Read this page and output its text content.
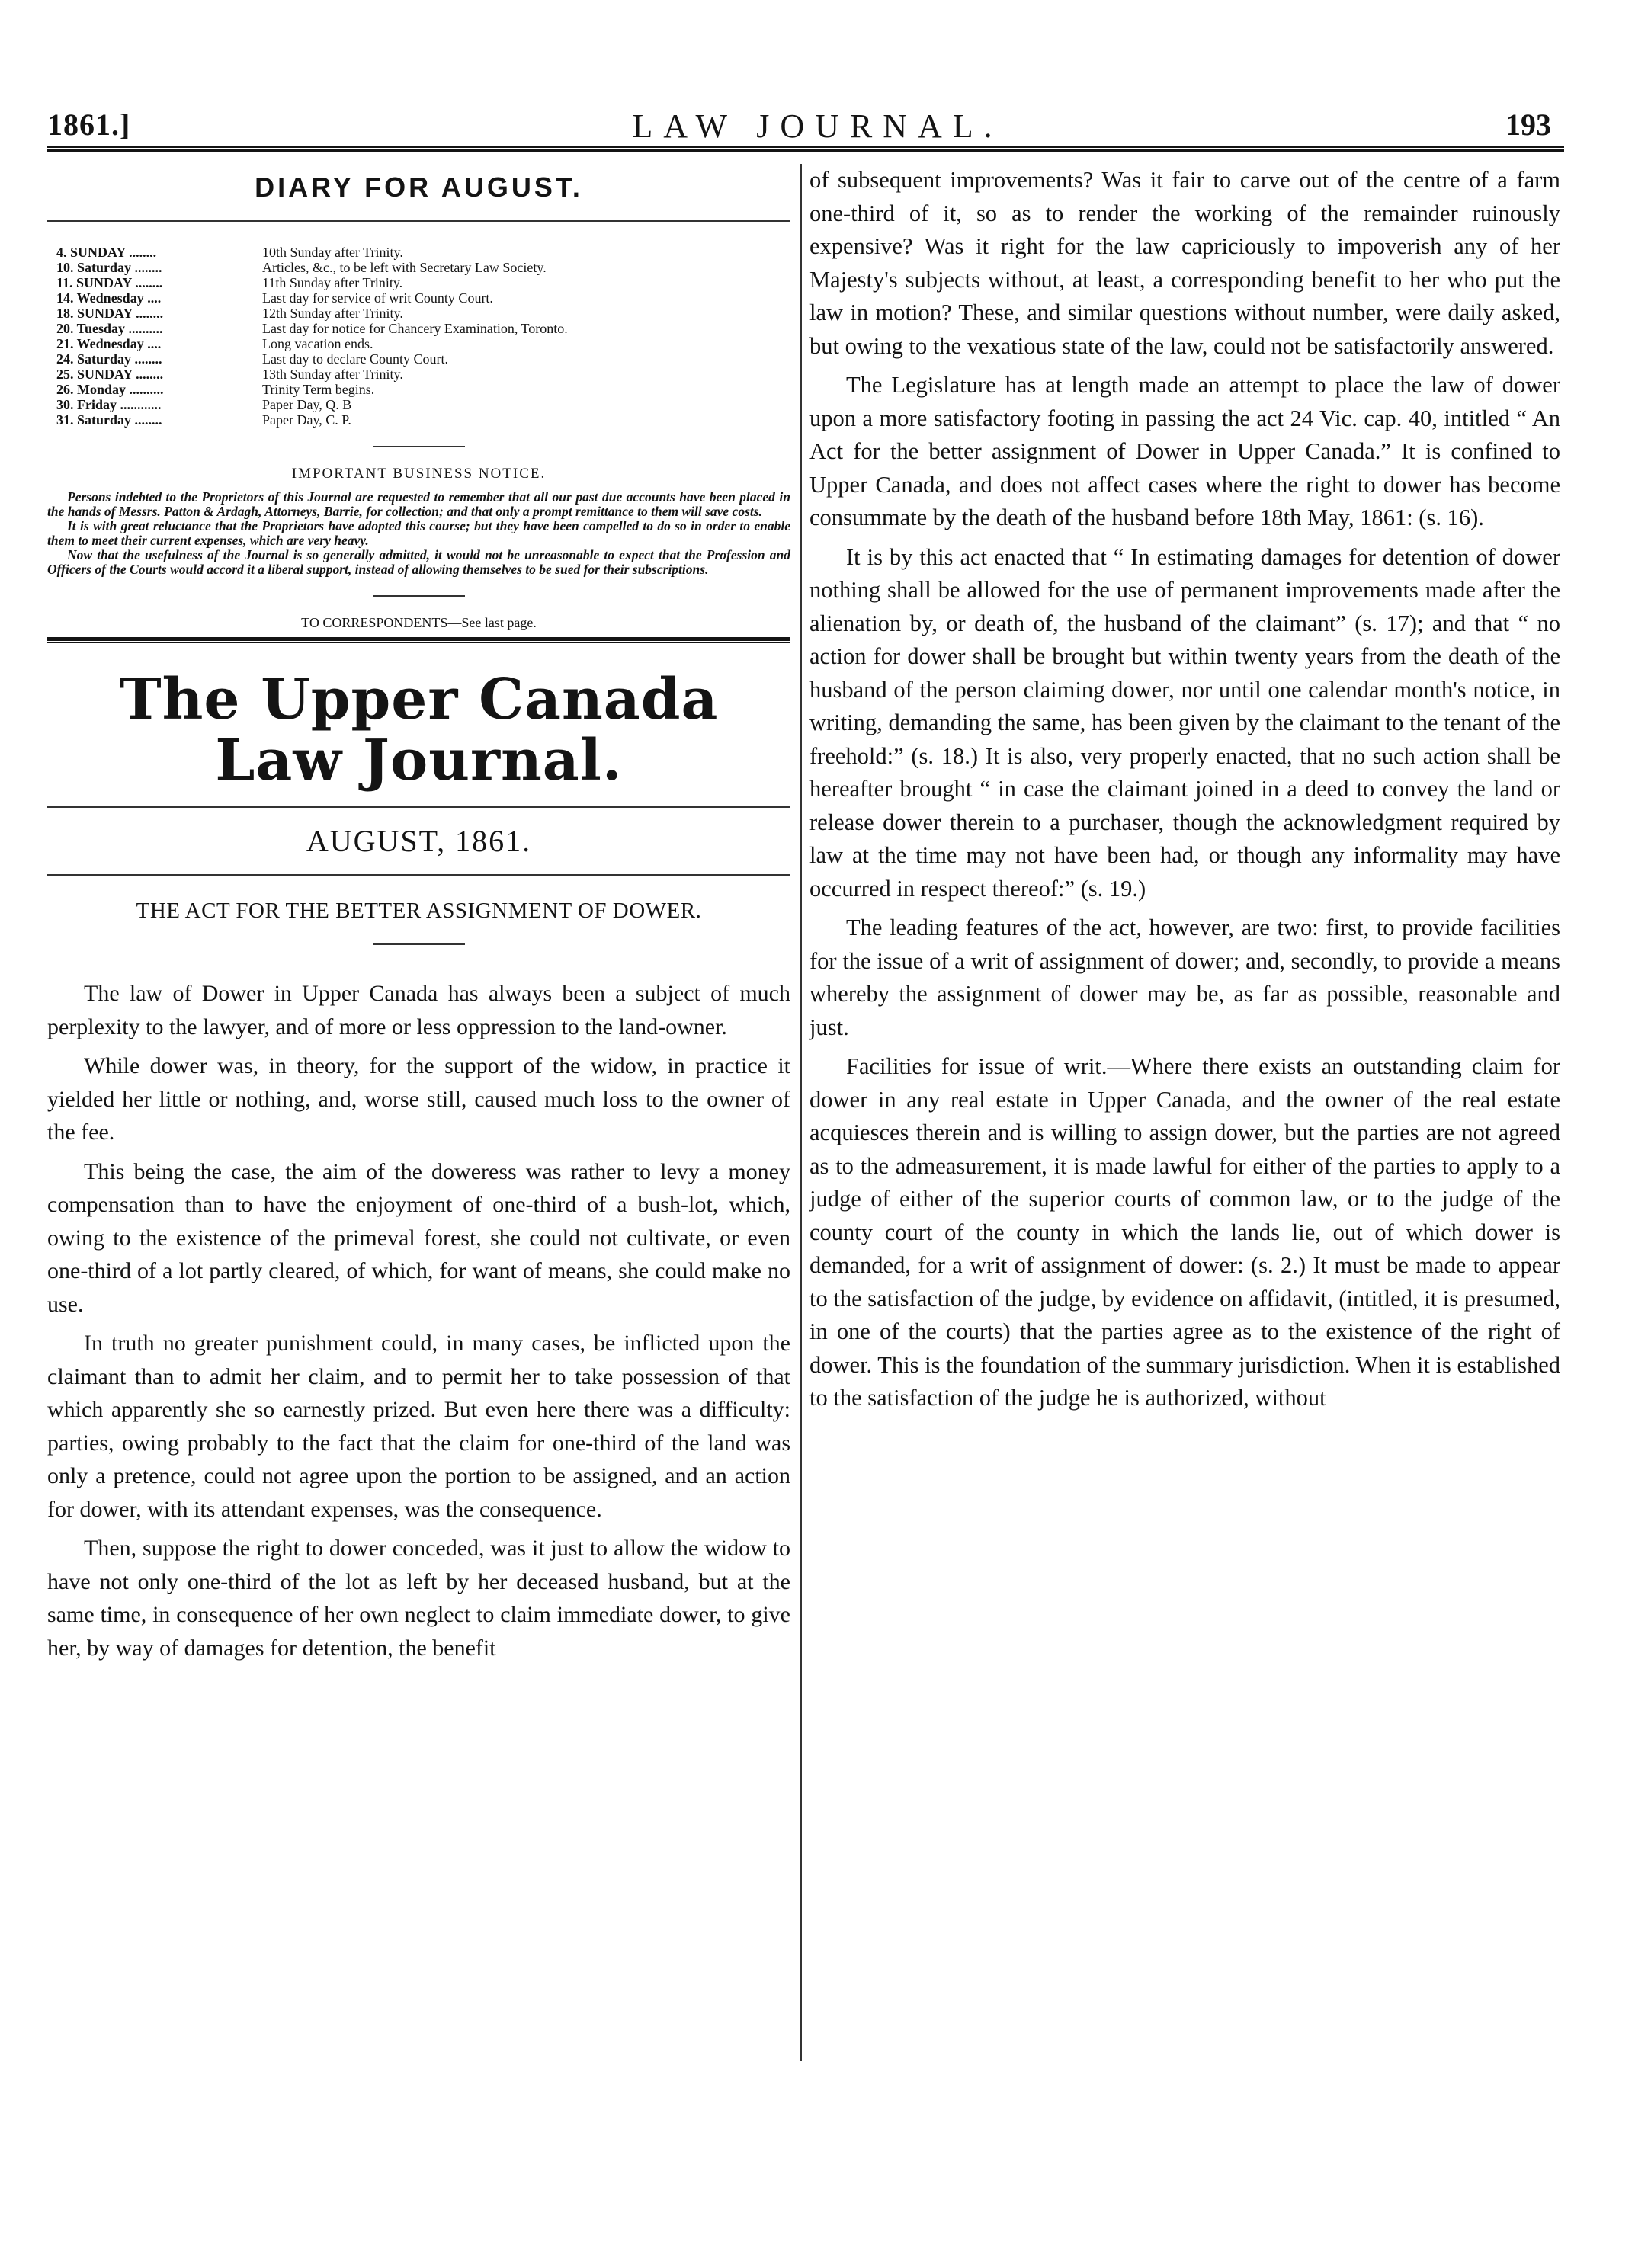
1861.]	LAW JOURNAL.	193
DIARY FOR AUGUST.
4. SUNDAY ........	10th Sunday after Trinity.
10. Saturday ........	Articles, &c., to be left with Secretary Law Society.
11. SUNDAY ........	11th Sunday after Trinity.
14. Wednesday ....	Last day for service of writ County Court.
18. SUNDAY ........	12th Sunday after Trinity.
20. Tuesday ..........	Last day for notice for Chancery Examination, Toronto.
21. Wednesday ....	Long vacation ends.
24. Saturday ........	Last day to declare County Court.
25. SUNDAY ........	13th Sunday after Trinity.
26. Monday ..........	Trinity Term begins.
30. Friday ............	Paper Day, Q. B
31. Saturday ........	Paper Day, C. P.
IMPORTANT BUSINESS NOTICE.

Persons indebted to the Proprietors of this Journal are requested to remember that all our past due accounts have been placed in the hands of Messrs. Patton & Ardagh, Attorneys, Barrie, for collection; and that only a prompt remittance to them will save costs.

It is with great reluctance that the Proprietors have adopted this course; but they have been compelled to do so in order to enable them to meet their current expenses, which are very heavy.

Now that the usefulness of the Journal is so generally admitted, it would not be unreasonable to expect that the Profession and Officers of the Courts would accord it a liberal support, instead of allowing themselves to be sued for their subscriptions.

TO CORRESPONDENTS—See last page.
The Upper Canada Law Journal.
AUGUST, 1861.
THE ACT FOR THE BETTER ASSIGNMENT OF DOWER.

The law of Dower in Upper Canada has always been a subject of much perplexity to the lawyer, and of more or less oppression to the land-owner.

While dower was, in theory, for the support of the widow, in practice it yielded her little or nothing, and, worse still, caused much loss to the owner of the fee.

This being the case, the aim of the doweress was rather to levy a money compensation than to have the enjoyment of one-third of a bush-lot, which, owing to the existence of the primeval forest, she could not cultivate, or even one-third of a lot partly cleared, of which, for want of means, she could make no use.

In truth no greater punishment could, in many cases, be inflicted upon the claimant than to admit her claim, and to permit her to take possession of that which apparently she so earnestly prized. But even here there was a difficulty: parties, owing probably to the fact that the claim for one-third of the land was only a pretence, could not agree upon the portion to be assigned, and an action for dower, with its attendant expenses, was the consequence.

Then, suppose the right to dower conceded, was it just to allow the widow to have not only one-third of the lot as left by her deceased husband, but at the same time, in consequence of her own neglect to claim immediate dower, to give her, by way of damages for detention, the benefit

of subsequent improvements? Was it fair to carve out of the centre of a farm one-third of it, so as to render the working of the remainder ruinously expensive? Was it right for the law capriciously to impoverish any of her Majesty's subjects without, at least, a corresponding benefit to her who put the law in motion? These, and similar questions without number, were daily asked, but owing to the vexatious state of the law, could not be satisfactorily answered.

The Legislature has at length made an attempt to place the law of dower upon a more satisfactory footing in passing the act 24 Vic. cap. 40, intitled “ An Act for the better assignment of Dower in Upper Canada.” It is confined to Upper Canada, and does not affect cases where the right to dower has become consummate by the death of the husband before 18th May, 1861: (s. 16).

It is by this act enacted that “ In estimating damages for detention of dower nothing shall be allowed for the use of permanent improvements made after the alienation by, or death of, the husband of the claimant” (s. 17); and that “ no action for dower shall be brought but within twenty years from the death of the husband of the person claiming dower, nor until one calendar month's notice, in writing, demanding the same, has been given by the claimant to the tenant of the freehold:” (s. 18.) It is also, very properly enacted, that no such action shall be hereafter brought “ in case the claimant joined in a deed to convey the land or release dower therein to a purchaser, though the acknowledgment required by law at the time may not have been had, or though any informality may have occurred in respect thereof:” (s. 19.)

The leading features of the act, however, are two: first, to provide facilities for the issue of a writ of assignment of dower; and, secondly, to provide a means whereby the assignment of dower may be, as far as possible, reasonable and just.

Facilities for issue of writ.—Where there exists an outstanding claim for dower in any real estate in Upper Canada, and the owner of the real estate acquiesces therein and is willing to assign dower, but the parties are not agreed as to the admeasurement, it is made lawful for either of the parties to apply to a judge of either of the superior courts of common law, or to the judge of the county court of the county in which the lands lie, out of which dower is demanded, for a writ of assignment of dower: (s. 2.) It must be made to appear to the satisfaction of the judge, by evidence on affidavit, (intitled, it is presumed, in one of the courts) that the parties agree as to the existence of the right of dower. This is the foundation of the summary jurisdiction. When it is established to the satisfaction of the judge he is authorized, without
